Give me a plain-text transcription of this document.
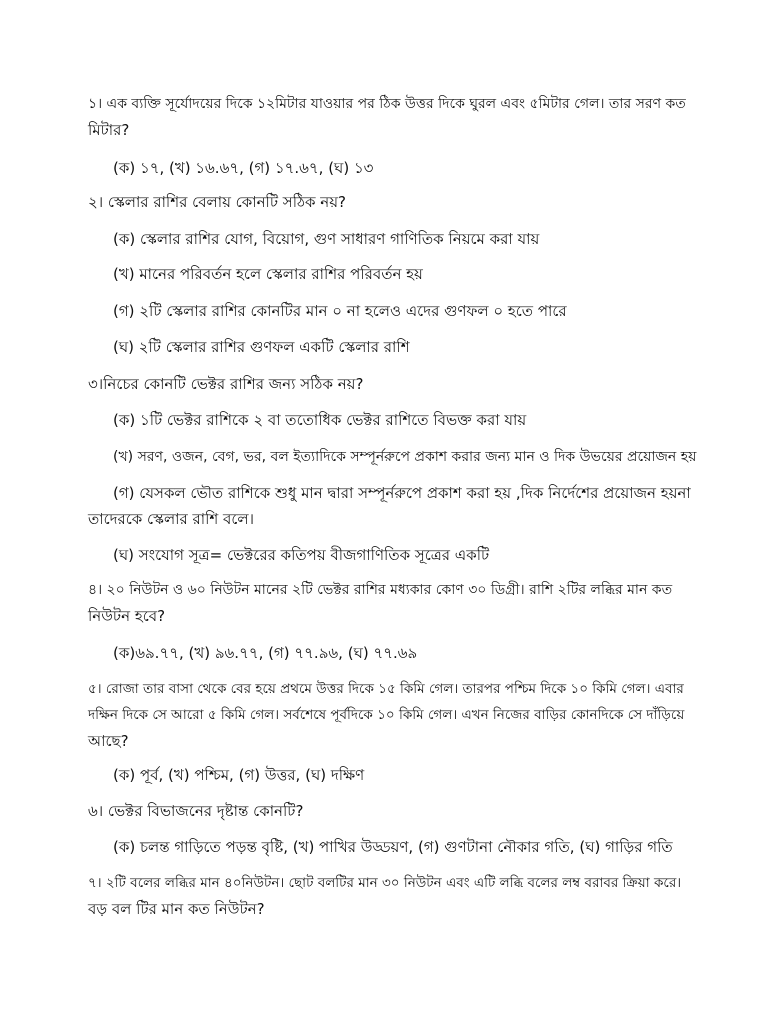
১। এক ব্যক্তি সূর্যোদয়ের দিকে ১২মিটার যাওয়ার পর ঠিক উত্তর দিকে ঘুরল এবং ৫মিটার গেল। তার সরণ কত
মিটার?
(ক) ১৭, (খ) ১৬.৬৭, (গ) ১৭.৬৭, (ঘ) ১৩
২। স্কেলার রাশির বেলায় কোনটি সঠিক নয়?
(ক) স্কেলার রাশির যোগ, বিয়োগ, গুণ সাধারণ গাণিতিক নিয়মে করা যায়
(খ) মানের পরিবর্তন হলে স্কেলার রাশির পরিবর্তন হয়
(গ) ২টি স্কেলার রাশির কোনটির মান ০ না হলেও এদের গুণফল ০ হতে পারে
(ঘ) ২টি স্কেলার রাশির গুণফল একটি স্কেলার রাশি
৩।নিচের কোনটি ভেক্টর রাশির জন্য সঠিক নয়?
(ক) ১টি ভেক্টর রাশিকে ২ বা ততোধিক ভেক্টর রাশিতে বিভক্ত করা যায়
(খ) সরণ, ওজন, বেগ, ভর, বল ইত্যাদিকে সম্পূর্নরুপে প্রকাশ করার জন্য মান ও দিক উভয়ের প্রয়োজন হয়
(গ) যেসকল ভৌত রাশিকে শুধু মান দ্বারা সম্পূর্নরুপে প্রকাশ করা হয় ,দিক নির্দেশের প্রয়োজন হয়না
তাদেরকে স্কেলার রাশি বলে।
(ঘ) সংযোগ সূত্র= ভেক্টরের কতিপয় বীজগাণিতিক সূত্রের একটি
৪। ২০ নিউটন ও ৬০ নিউটন মানের ২টি ভেক্টর রাশির মধ্যকার কোণ ৩০ ডিগ্রী। রাশি ২টির লব্ধির মান কত
নিউটন হবে?
(ক)৬৯.৭৭, (খ) ৯৬.৭৭, (গ) ৭৭.৯৬, (ঘ) ৭৭.৬৯
৫। রোজা তার বাসা থেকে বের হয়ে প্রথমে উত্তর দিকে ১৫ কিমি গেল। তারপর পশ্চিম দিকে ১০ কিমি গেল। এবার
দক্ষিন দিকে সে আরো ৫ কিমি গেল। সর্বশেষে পূর্বদিকে ১০ কিমি গেল। এখন নিজের বাড়ির কোনদিকে সে দাঁড়িয়ে
আছে?
(ক) পূর্ব, (খ) পশ্চিম, (গ) উত্তর, (ঘ) দক্ষিণ
৬। ভেক্টর বিভাজনের দৃষ্টান্ত কোনটি?
(ক) চলন্ত গাড়িতে পড়ন্ত বৃষ্টি, (খ) পাখির উড্ডয়ণ, (গ) গুণটানা নৌকার গতি, (ঘ) গাড়ির গতি
৭। ২টি বলের লব্ধির মান ৪০নিউটন। ছোট বলটির মান ৩০ নিউটন এবং এটি লব্ধি বলের লম্ব বরাবর ক্রিয়া করে।
বড় বল টির মান কত নিউটন?
